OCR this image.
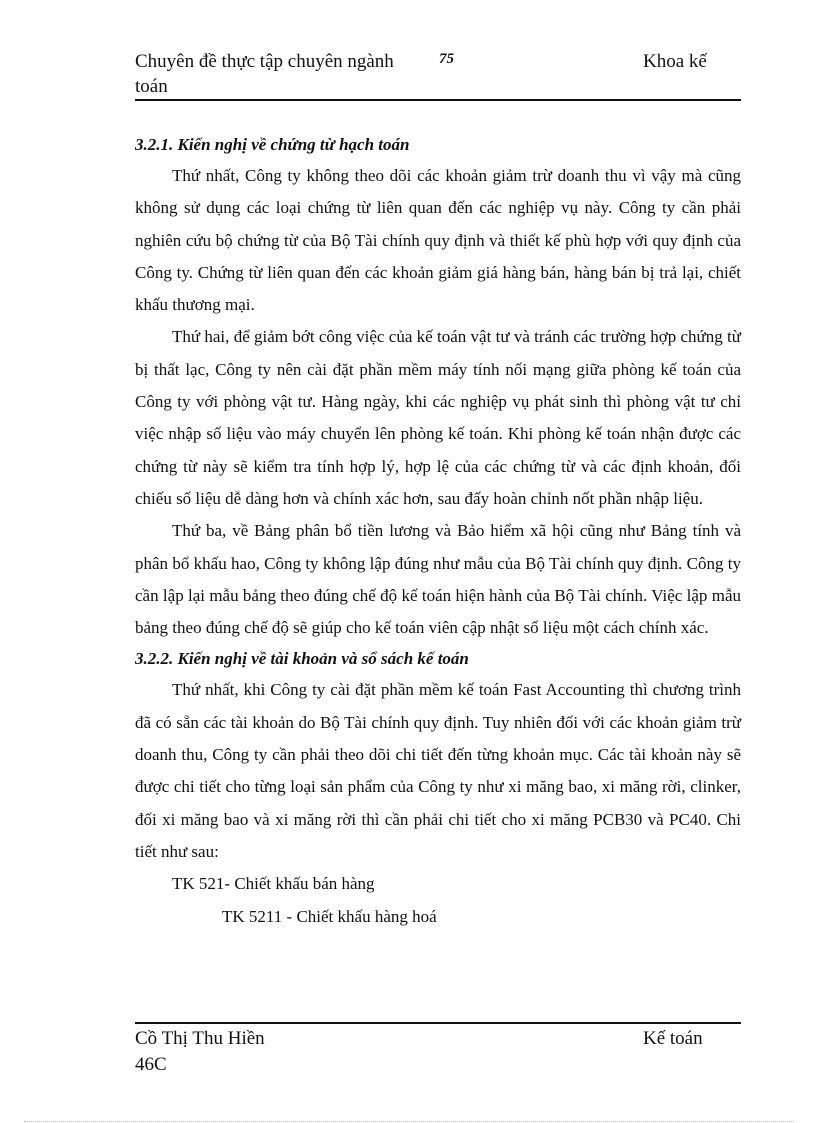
Chuyên đề thực tập chuyên ngành	75	Khoa kế
toán
3.2.1. Kiến nghị về chứng từ hạch toán

Thứ nhất, Công ty không theo dõi các khoản giảm trừ doanh thu vì vậy mà cũng không sử dụng các loại chứng từ liên quan đến các nghiệp vụ này. Công ty cần phải nghiên cứu bộ chứng từ của Bộ Tài chính quy định và thiết kế phù hợp với quy định của Công ty. Chứng từ liên quan đến các khoản giảm giá hàng bán, hàng bán bị trả lại, chiết khấu thương mại.

Thứ hai, để giảm bớt công việc của kế toán vật tư và tránh các trường hợp chứng từ bị thất lạc, Công ty nên cài đặt phần mềm máy tính nối mạng giữa phòng kế toán của Công ty với phòng vật tư. Hàng ngày, khi các nghiệp vụ phát sinh thì phòng vật tư chỉ việc nhập số liệu vào máy chuyển lên phòng kế toán. Khi phòng kế toán nhận được các chứng từ này sẽ kiểm tra tính hợp lý, hợp lệ của các chứng từ và các định khoản, đối chiếu số liệu dễ dàng hơn và chính xác hơn, sau đấy hoàn chỉnh nốt phần nhập liệu.

Thứ ba, về Bảng phân bổ tiền lương và Bảo hiểm xã hội cũng như Bảng tính và phân bổ khấu hao, Công ty không lập đúng như mẫu của Bộ Tài chính quy định. Công ty cần lập lại mẫu bảng theo đúng chế độ kế toán hiện hành của Bộ Tài chính. Việc lập mẫu bảng theo đúng chế độ sẽ giúp cho kế toán viên cập nhật số liệu một cách chính xác.

3.2.2. Kiến nghị về tài khoản và sổ sách kế toán

Thứ nhất, khi Công ty cài đặt phần mềm kế toán Fast Accounting thì chương trình đã có sẵn các tài khoản do Bộ Tài chính quy định. Tuy nhiên đối với các khoản giảm trừ doanh thu, Công ty cần phải theo dõi chi tiết đến từng khoản mục. Các tài khoản này sẽ được chi tiết cho từng loại sản phẩm của Công ty như xi măng bao, xi măng rời, clinker, đối xi măng bao và xi măng rời thì cần phải chi tiết cho xi măng PCB30 và PC40. Chi tiết như sau:

TK 521- Chiết khấu bán hàng
TK 5211 - Chiết khấu hàng hoá
Cồ Thị Thu Hiền
46C
Kế toán
